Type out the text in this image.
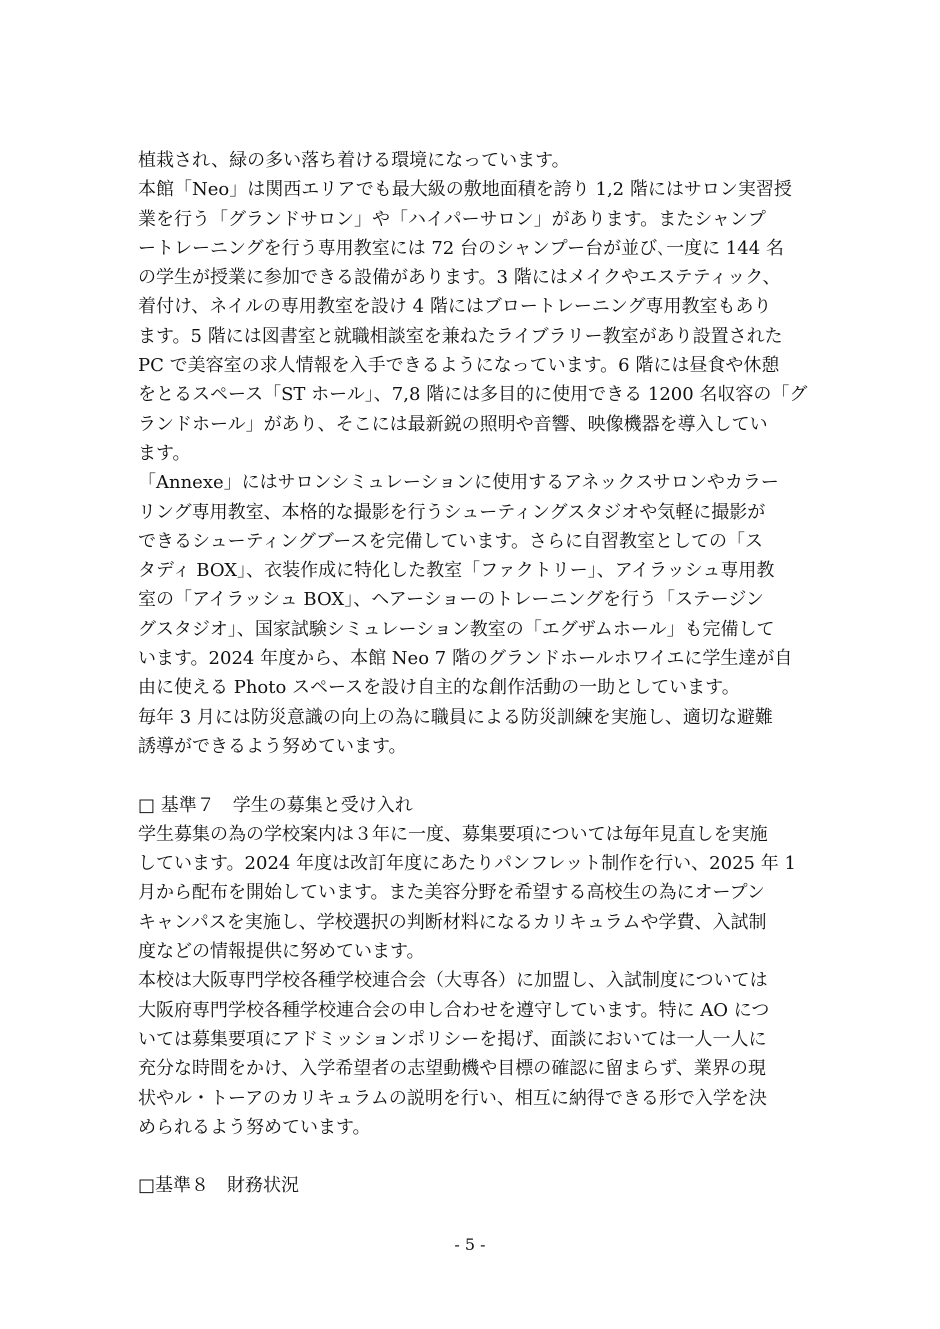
植栽され、緑の多い落ち着ける環境になっています。
本館「Neo」は関西エリアでも最大級の敷地面積を誇り 1,2 階にはサロン実習授
業を行う「グランドサロン」や「ハイパーサロン」があります。またシャンプ
ートレーニングを行う専用教室には 72 台のシャンプー台が並び､一度に 144 名
の学生が授業に参加できる設備があります。3 階にはメイクやエステティック、
着付け、ネイルの専用教室を設け 4 階にはブロートレーニング専用教室もあり
ます。5 階には図書室と就職相談室を兼ねたライブラリー教室があり設置された
PC で美容室の求人情報を入手できるようになっています。6 階には昼食や休憩
をとるスペース「ST ホール」、7,8 階には多目的に使用できる 1200 名収容の「グ
ランドホール」があり、そこには最新鋭の照明や音響、映像機器を導入してい
ます。
「Annexe」にはサロンシミュレーションに使用するアネックスサロンやカラー
リング専用教室、本格的な撮影を行うシューティングスタジオや気軽に撮影が
できるシューティングブースを完備しています。さらに自習教室としての「ス
タディ BOX」、衣装作成に特化した教室「ファクトリー」、アイラッシュ専用教
室の「アイラッシュ BOX」、ヘアーショーのトレーニングを行う「ステージン
グスタジオ」、国家試験シミュレーション教室の「エグザムホール」も完備して
います。2024 年度から、本館 Neo 7 階のグランドホールホワイエに学生達が自
由に使える Photo スペースを設け自主的な創作活動の一助としています。
毎年 3 月には防災意識の向上の為に職員による防災訓練を実施し、適切な避難
誘導ができるよう努めています。
□ 基準７　学生の募集と受け入れ
学生募集の為の学校案内は３年に一度、募集要項については毎年見直しを実施
しています。2024 年度は改訂年度にあたりパンフレット制作を行い、2025 年 1
月から配布を開始しています。また美容分野を希望する高校生の為にオープン
キャンパスを実施し、学校選択の判断材料になるカリキュラムや学費、入試制
度などの情報提供に努めています。
本校は大阪専門学校各種学校連合会（大専各）に加盟し、入試制度については
大阪府専門学校各種学校連合会の申し合わせを遵守しています。特に AO につ
いては募集要項にアドミッションポリシーを掲げ、面談においては一人一人に
充分な時間をかけ、入学希望者の志望動機や目標の確認に留まらず、業界の現
状やル・トーアのカリキュラムの説明を行い、相互に納得できる形で入学を決
められるよう努めています。
□基準８　財務状況
- 5 -
